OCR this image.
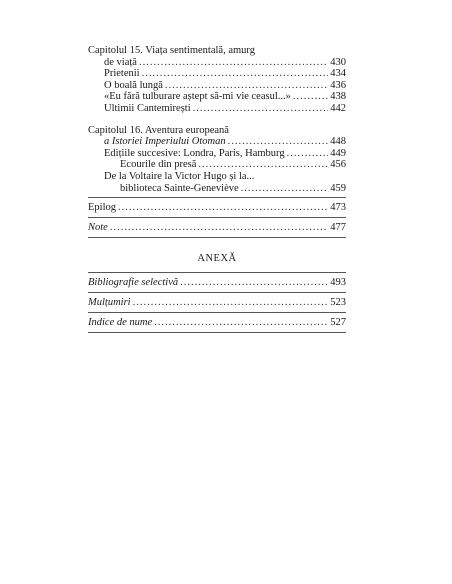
Capitolul 15. Viața sentimentală, amurg
de viață .....	430
Prietenii .....	434
O boală lungă .....	436
«Eu fără tulburare aștept să-mi vie ceasul...» .....	438
Ultimii Cantemirești .....	442
Capitolul 16. Aventura europeană
a Istoriei Imperiului Otoman .....	448
Edițiile succesive: Londra, Paris, Hamburg .....	449
Ecourile din presă .....	456
De la Voltaire la Victor Hugo și la...
biblioteca Sainte-Geneviève .....	459
Epilog .....	473
Note .....	477
ANEXĂ
Bibliografie selectivă .....	493
Mulțumiri .....	523
Indice de nume .....	527
